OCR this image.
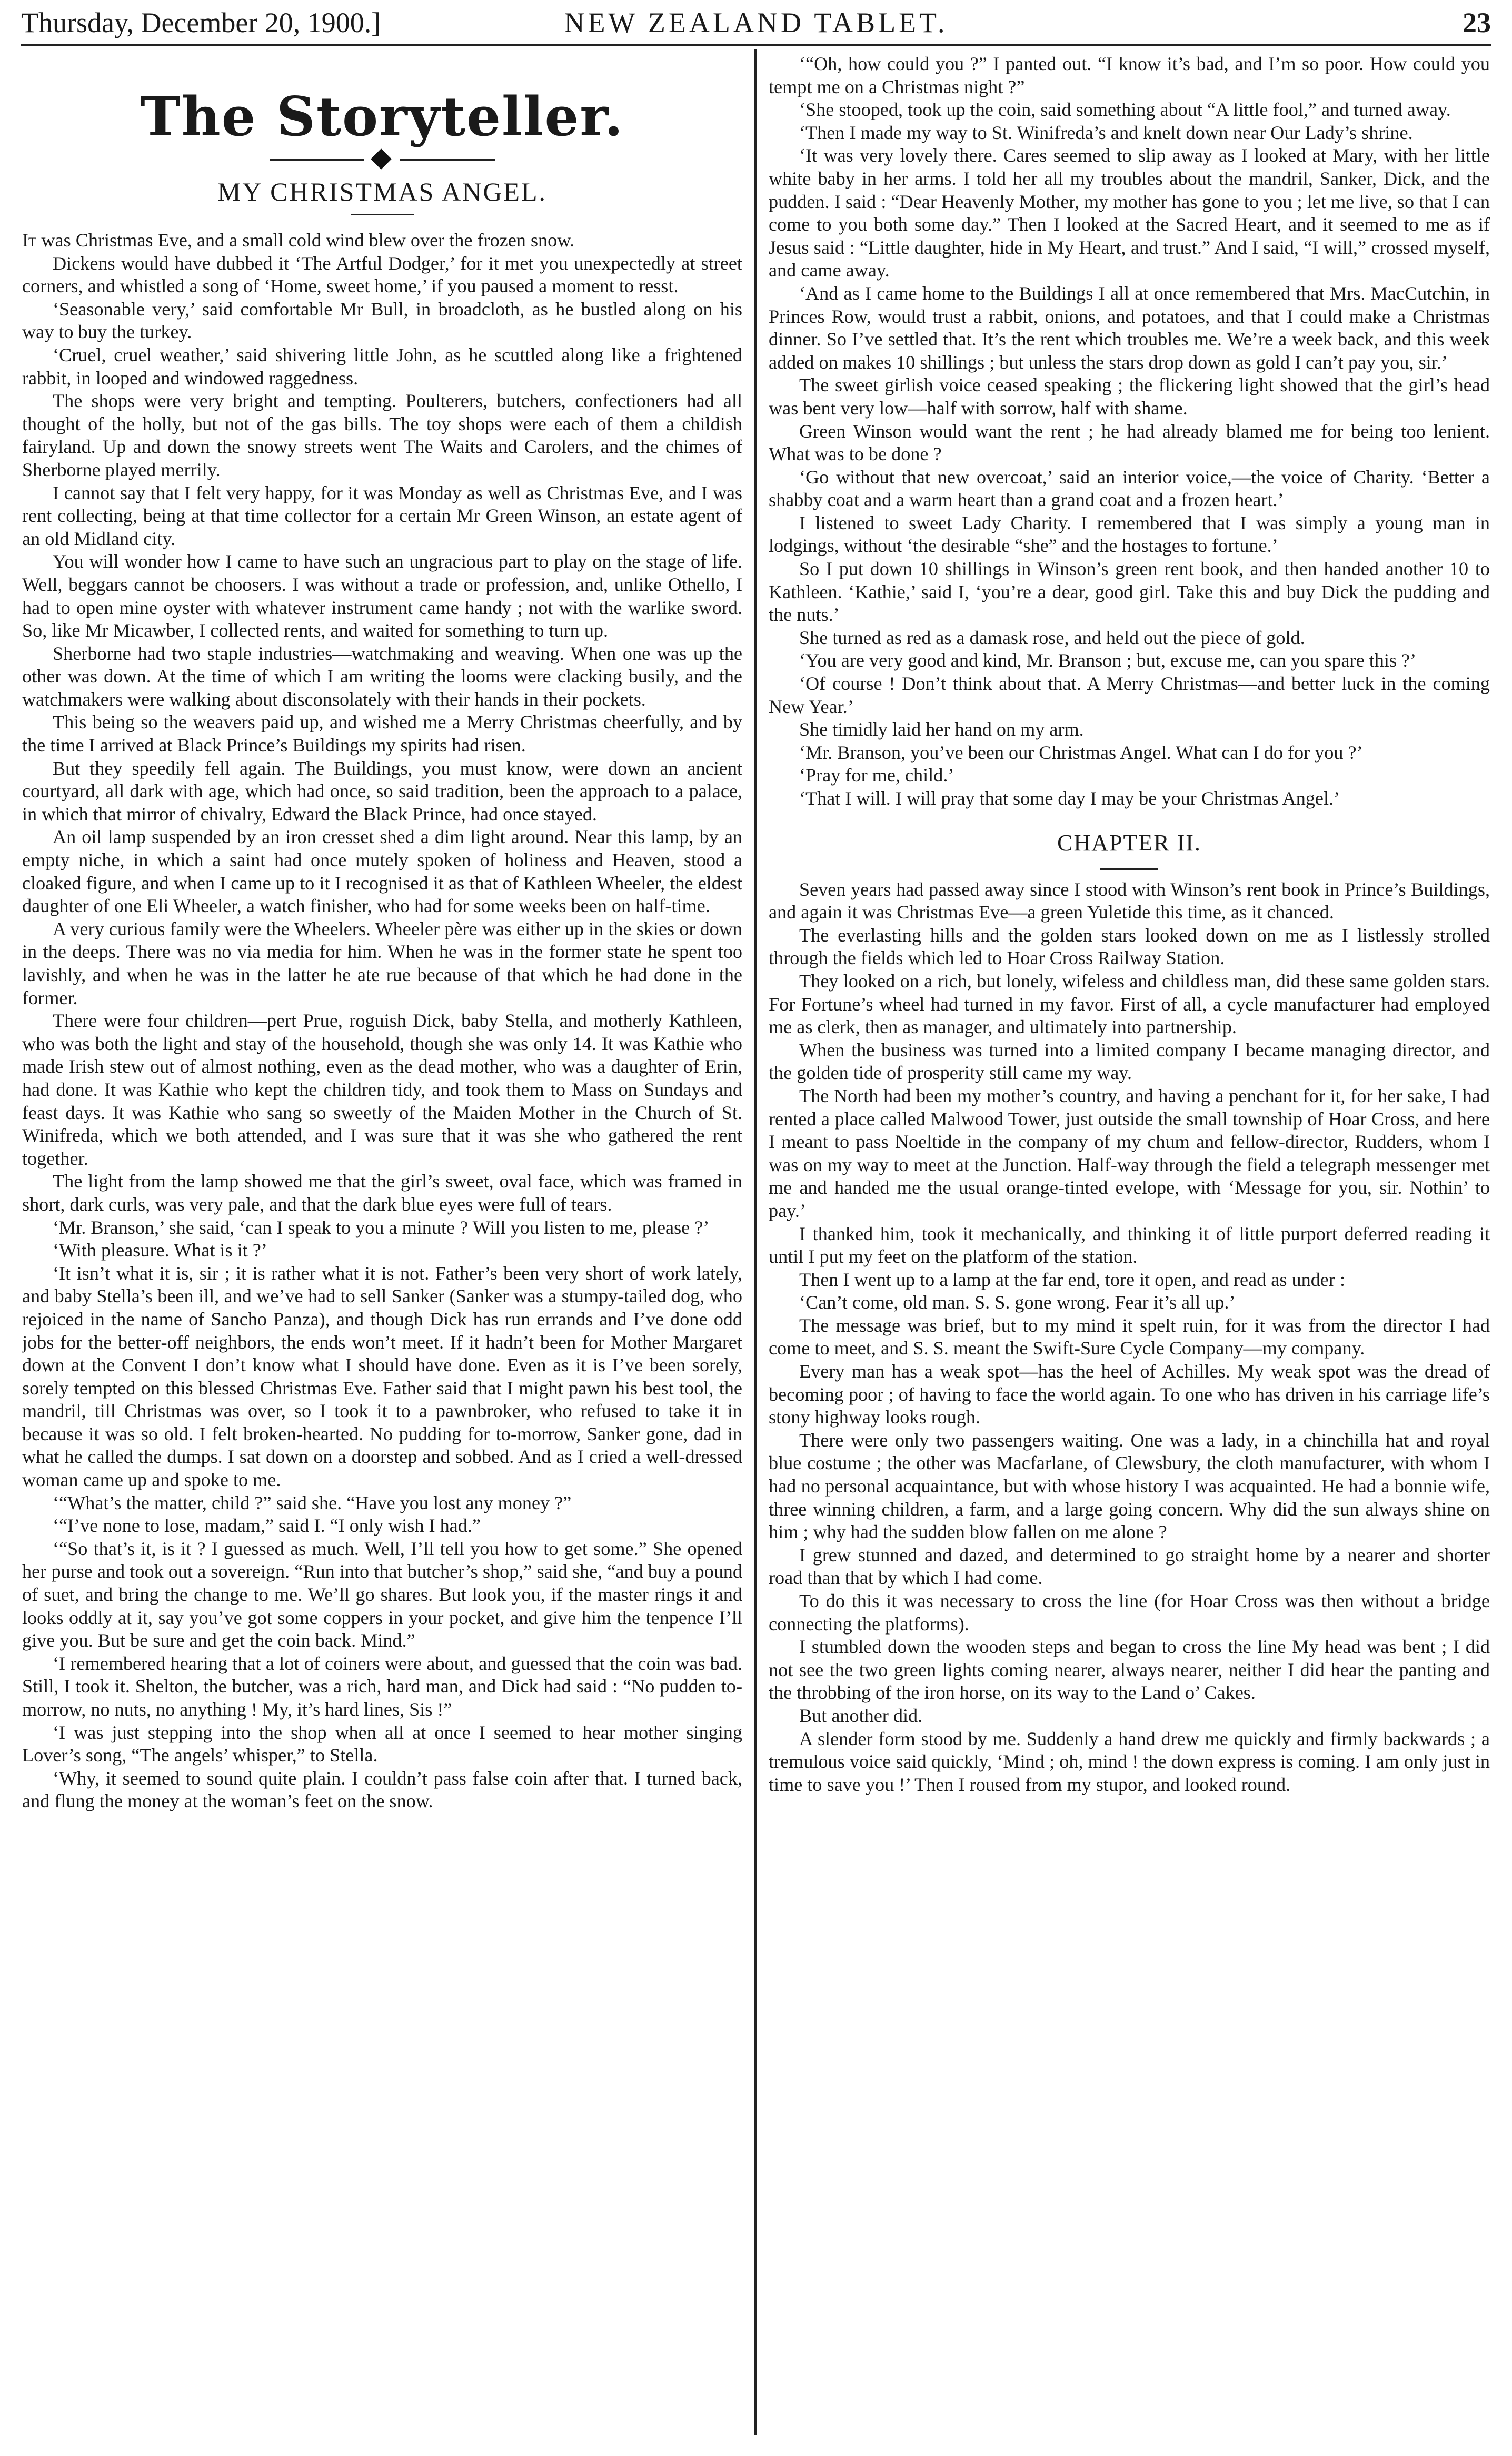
Thursday, December 20, 1900.]	NEW ZEALAND TABLET.	23
The Storyteller.
MY CHRISTMAS ANGEL.

It was Christmas Eve, and a small cold wind blew over the frozen snow.

Dickens would have dubbed it ‘The Artful Dodger,’ for it met you unexpectedly at street corners, and whistled a song of ‘Home, sweet home,’ if you paused a moment to resst.

‘Seasonable very,’ said comfortable Mr Bull, in broadcloth, as he bustled along on his way to buy the turkey.

‘Cruel, cruel weather,’ said shivering little John, as he scuttled along like a frightened rabbit, in looped and windowed raggedness.

The shops were very bright and tempting. Poulterers, butchers, confectioners had all thought of the holly, but not of the gas bills. The toy shops were each of them a childish fairyland. Up and down the snowy streets went The Waits and Carolers, and the chimes of Sherborne played merrily.

I cannot say that I felt very happy, for it was Monday as well as Christmas Eve, and I was rent collecting, being at that time collector for a certain Mr Green Winson, an estate agent of an old Midland city.

You will wonder how I came to have such an ungracious part to play on the stage of life. Well, beggars cannot be choosers. I was without a trade or profession, and, unlike Othello, I had to open mine oyster with whatever instrument came handy ; not with the warlike sword. So, like Mr Micawber, I collected rents, and waited for something to turn up.

Sherborne had two staple industries—watchmaking and weaving. When one was up the other was down. At the time of which I am writing the looms were clacking busily, and the watchmakers were walking about disconsolately with their hands in their pockets.

This being so the weavers paid up, and wished me a Merry Christmas cheerfully, and by the time I arrived at Black Prince’s Buildings my spirits had risen.

But they speedily fell again. The Buildings, you must know, were down an ancient courtyard, all dark with age, which had once, so said tradition, been the approach to a palace, in which that mirror of chivalry, Edward the Black Prince, had once stayed.

An oil lamp suspended by an iron cresset shed a dim light around. Near this lamp, by an empty niche, in which a saint had once mutely spoken of holiness and Heaven, stood a cloaked figure, and when I came up to it I recognised it as that of Kathleen Wheeler, the eldest daughter of one Eli Wheeler, a watch finisher, who had for some weeks been on half-time.

A very curious family were the Wheelers. Wheeler père was either up in the skies or down in the deeps. There was no via media for him. When he was in the former state he spent too lavishly, and when he was in the latter he ate rue because of that which he had done in the former.

There were four children—pert Prue, roguish Dick, baby Stella, and motherly Kathleen, who was both the light and stay of the household, though she was only 14. It was Kathie who made Irish stew out of almost nothing, even as the dead mother, who was a daughter of Erin, had done. It was Kathie who kept the children tidy, and took them to Mass on Sundays and feast days. It was Kathie who sang so sweetly of the Maiden Mother in the Church of St. Winifreda, which we both attended, and I was sure that it was she who gathered the rent together.

The light from the lamp showed me that the girl’s sweet, oval face, which was framed in short, dark curls, was very pale, and that the dark blue eyes were full of tears.

‘Mr. Branson,’ she said, ‘can I speak to you a minute ? Will you listen to me, please ?’

‘With pleasure. What is it ?’

‘It isn’t what it is, sir ; it is rather what it is not. Father’s been very short of work lately, and baby Stella’s been ill, and we’ve had to sell Sanker (Sanker was a stumpy-tailed dog, who rejoiced in the name of Sancho Panza), and though Dick has run errands and I’ve done odd jobs for the better-off neighbors, the ends won’t meet. If it hadn’t been for Mother Margaret down at the Convent I don’t know what I should have done. Even as it is I’ve been sorely, sorely tempted on this blessed Christmas Eve. Father said that I might pawn his best tool, the mandril, till Christmas was over, so I took it to a pawnbroker, who refused to take it in because it was so old. I felt broken-hearted. No pudding for to-morrow, Sanker gone, dad in what he called the dumps. I sat down on a doorstep and sobbed. And as I cried a well-dressed woman came up and spoke to me.

‘“What’s the matter, child ?” said she. “Have you lost any money ?”

‘“I’ve none to lose, madam,” said I. “I only wish I had.”

‘“So that’s it, is it ? I guessed as much. Well, I’ll tell you how to get some.” She opened her purse and took out a sovereign. “Run into that butcher’s shop,” said she, “and buy a pound of suet, and bring the change to me. We’ll go shares. But look you, if the master rings it and looks oddly at it, say you’ve got some coppers in your pocket, and give him the tenpence I’ll give you. But be sure and get the coin back. Mind.”

‘I remembered hearing that a lot of coiners were about, and guessed that the coin was bad. Still, I took it. Shelton, the butcher, was a rich, hard man, and Dick had said : “No pudden to-morrow, no nuts, no anything ! My, it’s hard lines, Sis !”

‘I was just stepping into the shop when all at once I seemed to hear mother singing Lover’s song, “The angels’ whisper,” to Stella.

‘Why, it seemed to sound quite plain. I couldn’t pass false coin after that. I turned back, and flung the money at the woman’s feet on the snow.

‘“Oh, how could you ?” I panted out. “I know it’s bad, and I’m so poor. How could you tempt me on a Christmas night ?”

‘She stooped, took up the coin, said something about “A little fool,” and turned away.

‘Then I made my way to St. Winifreda’s and knelt down near Our Lady’s shrine.

‘It was very lovely there. Cares seemed to slip away as I looked at Mary, with her little white baby in her arms. I told her all my troubles about the mandril, Sanker, Dick, and the pudden. I said : “Dear Heavenly Mother, my mother has gone to you ; let me live, so that I can come to you both some day.” Then I looked at the Sacred Heart, and it seemed to me as if Jesus said : “Little daughter, hide in My Heart, and trust.” And I said, “I will,” crossed myself, and came away.

‘And as I came home to the Buildings I all at once remembered that Mrs. MacCutchin, in Princes Row, would trust a rabbit, onions, and potatoes, and that I could make a Christmas dinner. So I’ve settled that. It’s the rent which troubles me. We’re a week back, and this week added on makes 10 shillings ; but unless the stars drop down as gold I can’t pay you, sir.’

The sweet girlish voice ceased speaking ; the flickering light showed that the girl’s head was bent very low—half with sorrow, half with shame.

Green Winson would want the rent ; he had already blamed me for being too lenient. What was to be done ?

‘Go without that new overcoat,’ said an interior voice,—the voice of Charity. ‘Better a shabby coat and a warm heart than a grand coat and a frozen heart.’

I listened to sweet Lady Charity. I remembered that I was simply a young man in lodgings, without ‘the desirable “she” and the hostages to fortune.’

So I put down 10 shillings in Winson’s green rent book, and then handed another 10 to Kathleen. ‘Kathie,’ said I, ‘you’re a dear, good girl. Take this and buy Dick the pudding and the nuts.’

She turned as red as a damask rose, and held out the piece of gold.

‘You are very good and kind, Mr. Branson ; but, excuse me, can you spare this ?’

‘Of course ! Don’t think about that. A Merry Christmas—and better luck in the coming New Year.’

She timidly laid her hand on my arm.

‘Mr. Branson, you’ve been our Christmas Angel. What can I do for you ?’

‘Pray for me, child.’

‘That I will. I will pray that some day I may be your Christmas Angel.’

CHAPTER II.

Seven years had passed away since I stood with Winson’s rent book in Prince’s Buildings, and again it was Christmas Eve—a green Yuletide this time, as it chanced.

The everlasting hills and the golden stars looked down on me as I listlessly strolled through the fields which led to Hoar Cross Railway Station.

They looked on a rich, but lonely, wifeless and childless man, did these same golden stars. For Fortune’s wheel had turned in my favor. First of all, a cycle manufacturer had employed me as clerk, then as manager, and ultimately into partnership.

When the business was turned into a limited company I became managing director, and the golden tide of prosperity still came my way.

The North had been my mother’s country, and having a penchant for it, for her sake, I had rented a place called Malwood Tower, just outside the small township of Hoar Cross, and here I meant to pass Noeltide in the company of my chum and fellow-director, Rudders, whom I was on my way to meet at the Junction. Half-way through the field a telegraph messenger met me and handed me the usual orange-tinted evelope, with ‘Message for you, sir. Nothin’ to pay.’

I thanked him, took it mechanically, and thinking it of little purport deferred reading it until I put my feet on the platform of the station.

Then I went up to a lamp at the far end, tore it open, and read as under :

‘Can’t come, old man. S. S. gone wrong. Fear it’s all up.’

The message was brief, but to my mind it spelt ruin, for it was from the director I had come to meet, and S. S. meant the Swift-Sure Cycle Company—my company.

Every man has a weak spot—has the heel of Achilles. My weak spot was the dread of becoming poor ; of having to face the world again. To one who has driven in his carriage life’s stony highway looks rough.

There were only two passengers waiting. One was a lady, in a chinchilla hat and royal blue costume ; the other was Macfarlane, of Clewsbury, the cloth manufacturer, with whom I had no personal acquaintance, but with whose history I was acquainted. He had a bonnie wife, three winning children, a farm, and a large going concern. Why did the sun always shine on him ; why had the sudden blow fallen on me alone ?

I grew stunned and dazed, and determined to go straight home by a nearer and shorter road than that by which I had come.

To do this it was necessary to cross the line (for Hoar Cross was then without a bridge connecting the platforms).

I stumbled down the wooden steps and began to cross the line My head was bent ; I did not see the two green lights coming nearer, always nearer, neither I did hear the panting and the throbbing of the iron horse, on its way to the Land o’ Cakes.

But another did.

A slender form stood by me. Suddenly a hand drew me quickly and firmly backwards ; a tremulous voice said quickly, ‘Mind ; oh, mind ! the down express is coming. I am only just in time to save you !’ Then I roused from my stupor, and looked round.
